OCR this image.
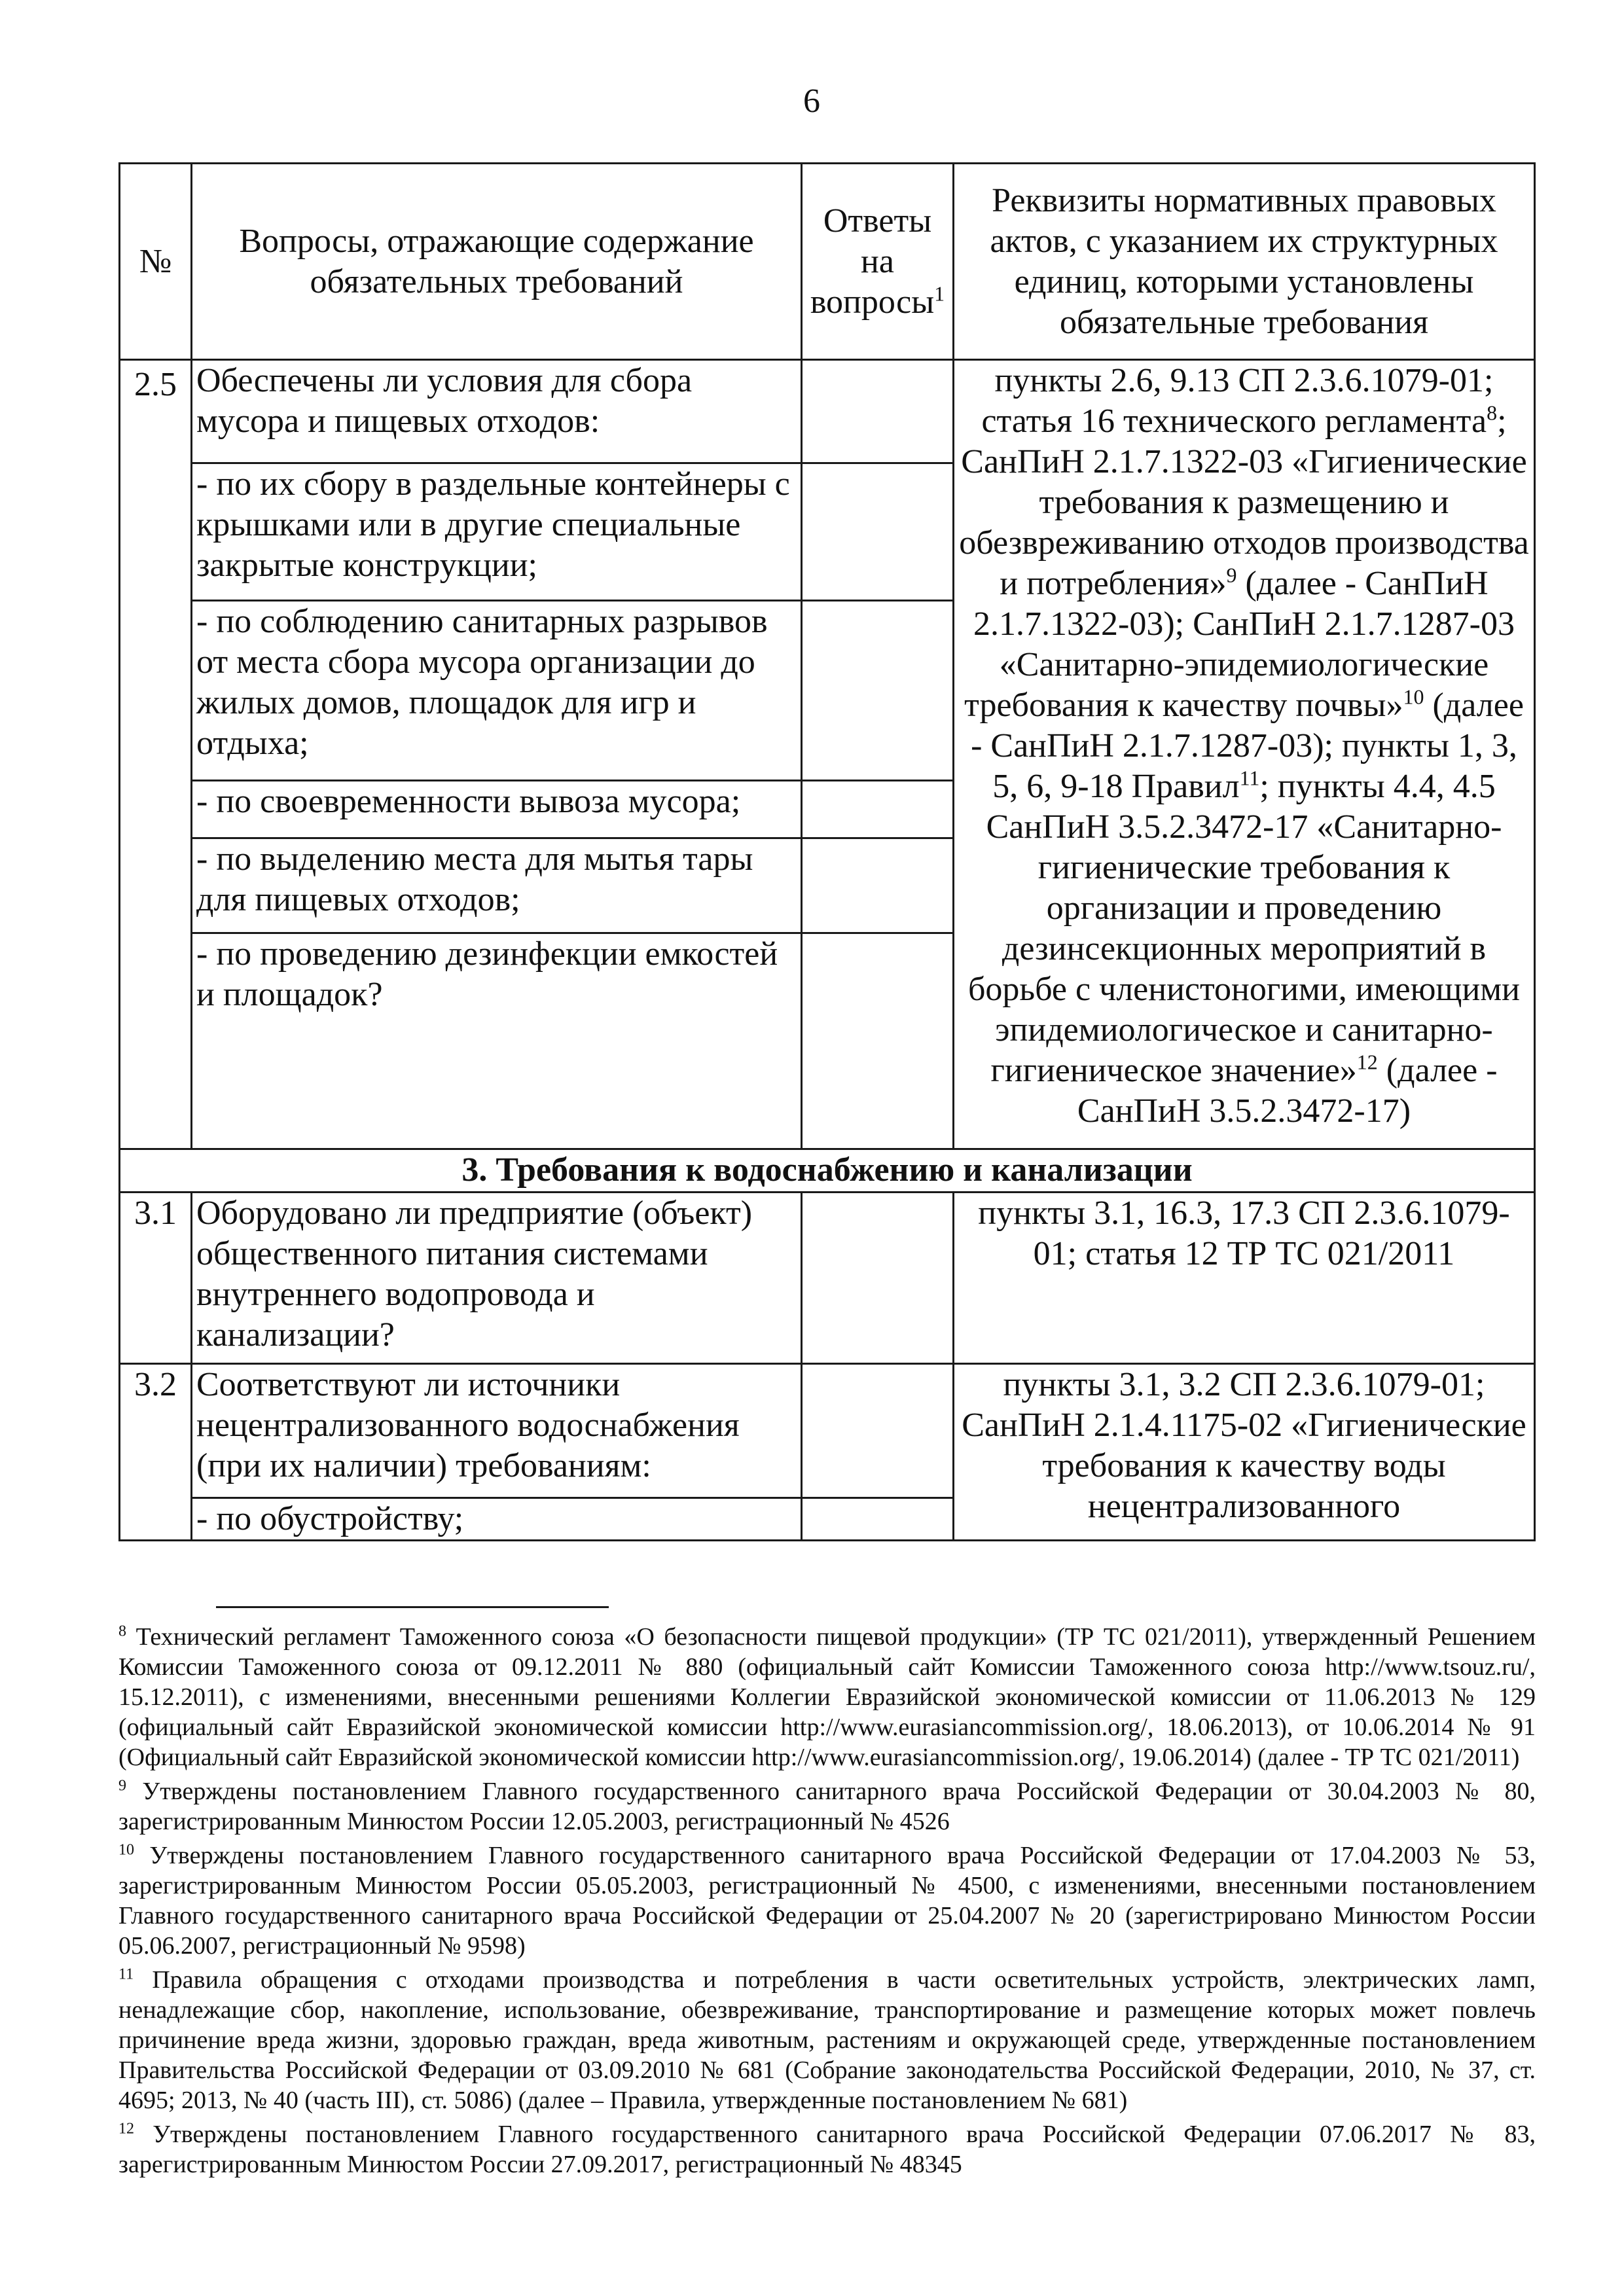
6
№	Вопросы, отражающие содержание обязательных требований	Ответы на вопросы$^1$	Реквизиты нормативных правовых актов, с указанием их структурных единиц, которыми установлены обязательные требования
2.5	Обеспечены ли условия для сбора мусора и пищевых отходов:		пункты 2.6, 9.13 СП 2.3.6.1079-01; статья 16 технического регламента$^8$; СанПиН 2.1.7.1322-03 «Гигиенические требования к размещению и обезвреживанию отходов производства и потребления»$^9$ (далее - СанПиН 2.1.7.1322-03); СанПиН 2.1.7.1287-03 «Санитарно-эпидемиологические требования к качеству почвы»$^{10}$ (далее - СанПиН 2.1.7.1287-03); пункты 1, 3, 5, 6, 9-18 Правил$^{11}$; пункты 4.4, 4.5 СанПиН 3.5.2.3472-17 «Санитарно-гигиенические требования к организации и проведению дезинсекционных мероприятий в борьбе с членистоногими, имеющими эпидемиологическое и санитарно-гигиеническое значение»$^{12}$ (далее - СанПиН 3.5.2.3472-17)
	- по их сбору в раздельные контейнеры с крышками или в другие специальные закрытые конструкции;		
	- по соблюдению санитарных разрывов от места сбора мусора организации до жилых домов, площадок для игр и отдыха;		
	- по своевременности вывоза мусора;		
	- по выделению места для мытья тары для пищевых отходов;		
	- по проведению дезинфекции емкостей и площадок?		
3. Требования к водоснабжению и канализации			
3.1	Оборудовано ли предприятие (объект) общественного питания системами внутреннего водопровода и канализации?		пункты 3.1, 16.3, 17.3 СП 2.3.6.1079-01; статья 12 ТР ТС 021/2011
3.2	Соответствуют ли источники нецентрализованного водоснабжения (при их наличии) требованиям:		пункты 3.1, 3.2 СП 2.3.6.1079-01; СанПиН 2.1.4.1175-02 «Гигиенические требования к качеству воды нецентрализованного
	- по обустройству;		

$^8$ Технический регламент Таможенного союза «О безопасности пищевой продукции» (ТР ТС 021/2011), утвержденный Решением Комиссии Таможенного союза от 09.12.2011 № 880 (официальный сайт Комиссии Таможенного союза http://www.tsouz.ru/, 15.12.2011), с изменениями, внесенными решениями Коллегии Евразийской экономической комиссии от 11.06.2013 № 129 (официальный сайт Евразийской экономической комиссии http://www.eurasiancommission.org/, 18.06.2013), от 10.06.2014 № 91 (Официальный сайт Евразийской экономической комиссии http://www.eurasiancommission.org/, 19.06.2014) (далее - ТР ТС 021/2011)

$^9$ Утверждены постановлением Главного государственного санитарного врача Российской Федерации от 30.04.2003 № 80, зарегистрированным Минюстом России 12.05.2003, регистрационный № 4526

$^{10}$ Утверждены постановлением Главного государственного санитарного врача Российской Федерации от 17.04.2003 № 53, зарегистрированным Минюстом России 05.05.2003, регистрационный № 4500, с изменениями, внесенными постановлением Главного государственного санитарного врача Российской Федерации от 25.04.2007 № 20 (зарегистрировано Минюстом России 05.06.2007, регистрационный № 9598)

$^{11}$ Правила обращения с отходами производства и потребления в части осветительных устройств, электрических ламп, ненадлежащие сбор, накопление, использование, обезвреживание, транспортирование и размещение которых может повлечь причинение вреда жизни, здоровью граждан, вреда животным, растениям и окружающей среде, утвержденные постановлением Правительства Российской Федерации от 03.09.2010 № 681 (Собрание законодательства Российской Федерации, 2010, № 37, ст. 4695; 2013, № 40 (часть III), ст. 5086) (далее – Правила, утвержденные постановлением № 681)

$^{12}$ Утверждены постановлением Главного государственного санитарного врача Российской Федерации 07.06.2017 № 83, зарегистрированным Минюстом России 27.09.2017, регистрационный № 48345
